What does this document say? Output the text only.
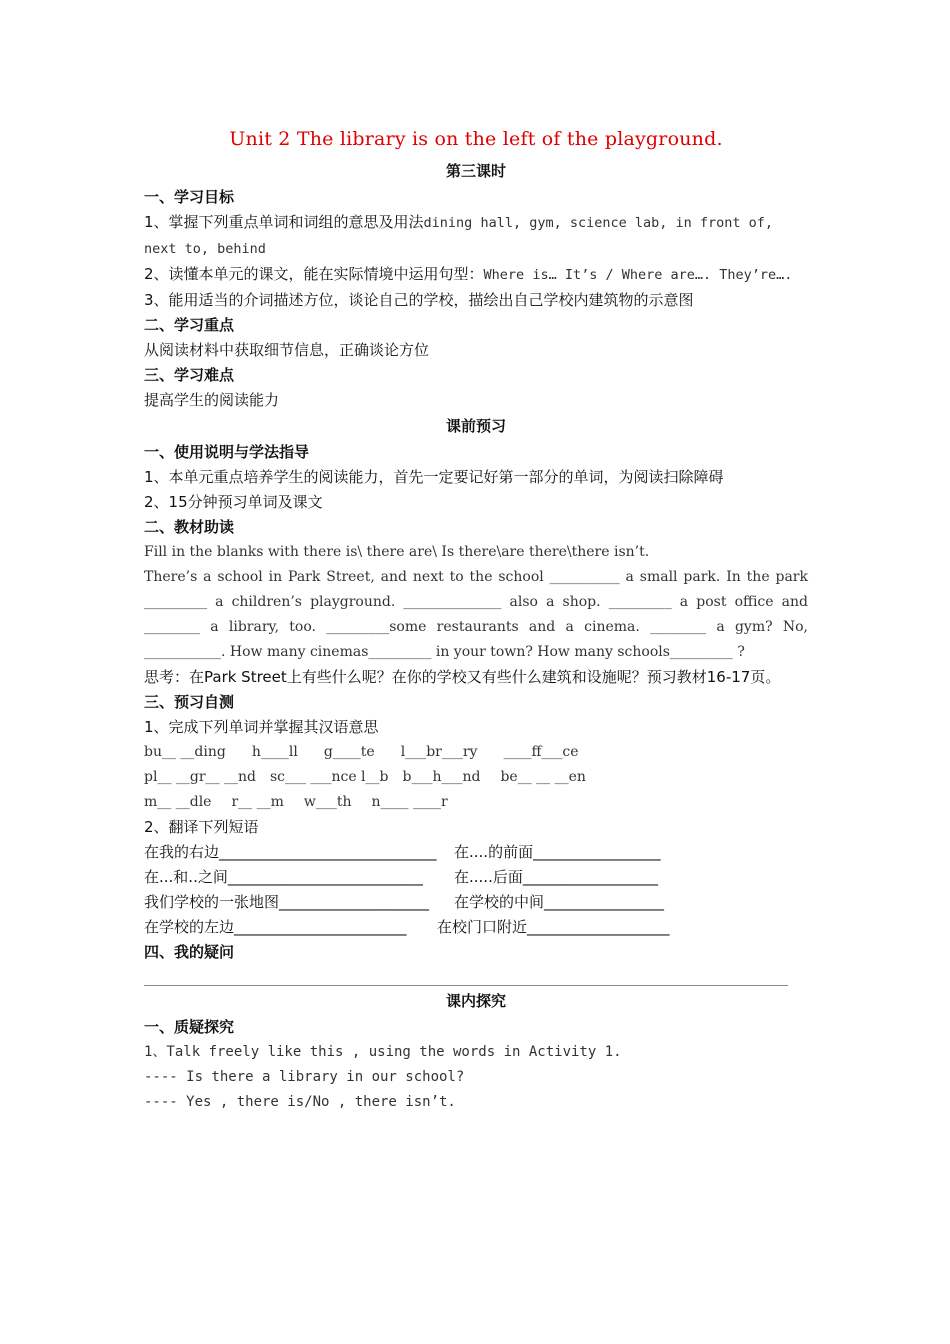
Unit 2 The library is on the left of the playground.
第三课时
一、学习目标

1、掌握下列重点单词和词组的意思及用法dining hall, gym, science lab, in front of, next to, behind

2、读懂本单元的课文，能在实际情境中运用句型：Where is… It’s / Where are…. They’re….

3、能用适当的介词描述方位，谈论自己的学校，描绘出自己学校内建筑物的示意图

二、学习重点

从阅读材料中获取细节信息，正确谈论方位

三、学习难点

提高学生的阅读能力

课前预习
一、使用说明与学法指导

1、本单元重点培养学生的阅读能力，首先一定要记好第一部分的单词，为阅读扫除障碍

2、15分钟预习单词及课文

二、教材助读

Fill in the blanks with there is\ there are\ Is there\are there\there isn’t.

There’s a school in Park Street, and next to the school __________ a small park. In the park _________ a children’s playground. ______________ also a shop. _________ a post office and ________ a library, too. _________some restaurants and a cinema. ________ a gym? No, ___________. How many cinemas_________ in your town? How many schools_________ ?

思考：在Park Street上有些什么呢？在你的学校又有些什么建筑和设施呢？预习教材16-17页。

三、预习自测

1、完成下列单词并掌握其汉语意思

bu__ __ding h____ll g____te l___br___ry ____ff___ce
pl__ __gr__ __nd sc___ ___nce l__b b___h___nd be__ __ __en
m__ __dle r__ __m w___th n____ ____r

2、翻译下列短语

在我的右边_____________________________	在....的前面_________________
在...和..之间__________________________	在.....后面__________________
我们学校的一张地图____________________	在学校的中间________________
在学校的左边_______________________	在校门口附近___________________
四、我的疑问
课内探究
一、质疑探究

1、Talk freely like this , using the words in Activity 1.

---- Is there a library in our school?

---- Yes , there is/No , there isn’t.
